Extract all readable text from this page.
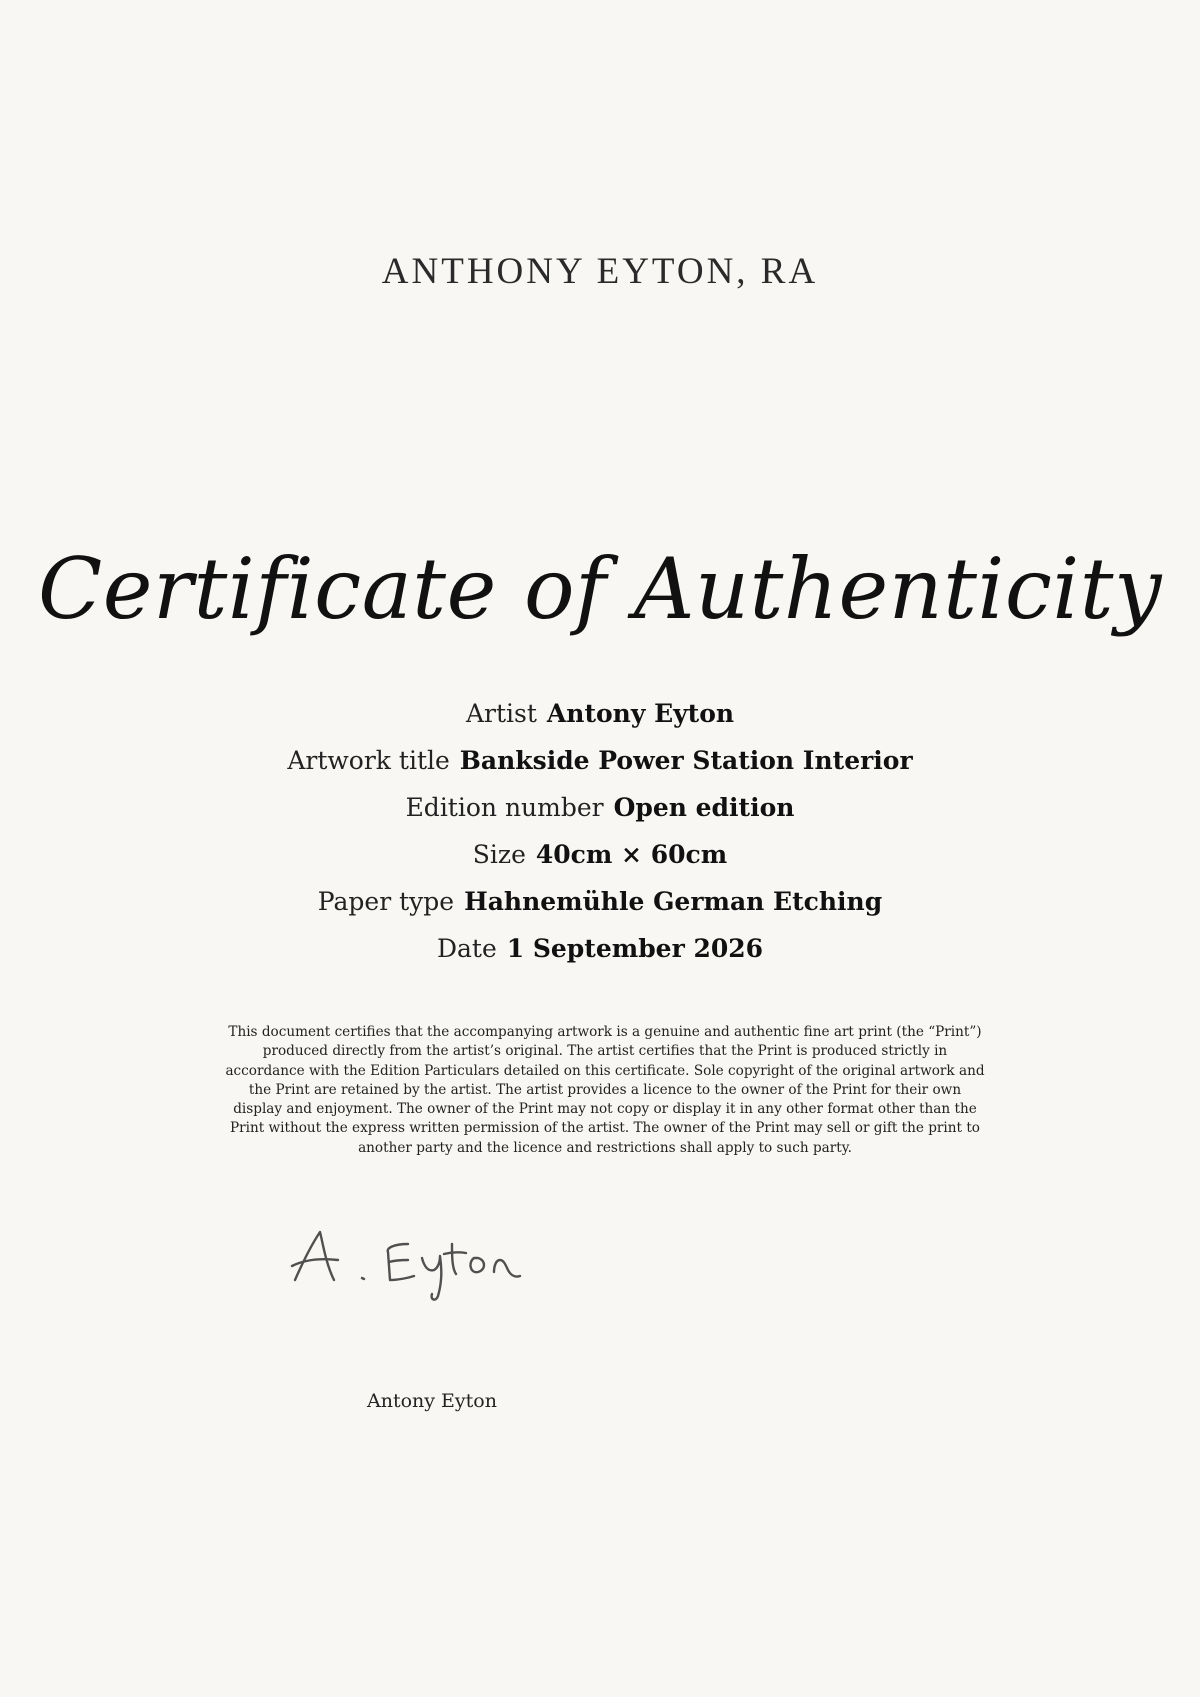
ANTHONY EYTON, RA
Certificate of Authenticity
Artist Antony Eyton
Artwork title Bankside Power Station Interior
Edition number Open edition
Size 40cm × 60cm
Paper type Hahnemühle German Etching
Date 1 September 2026
This document certifies that the accompanying artwork is a genuine and authentic fine art print (the “Print”) produced directly from the artist’s original. The artist certifies that the Print is produced strictly in accordance with the Edition Particulars detailed on this certificate. Sole copyright of the original artwork and the Print are retained by the artist. The artist provides a licence to the owner of the Print for their own display and enjoyment. The owner of the Print may not copy or display it in any other format other than the Print without the express written permission of the artist. The owner of the Print may sell or gift the print to another party and the licence and restrictions shall apply to such party.
Antony Eyton
